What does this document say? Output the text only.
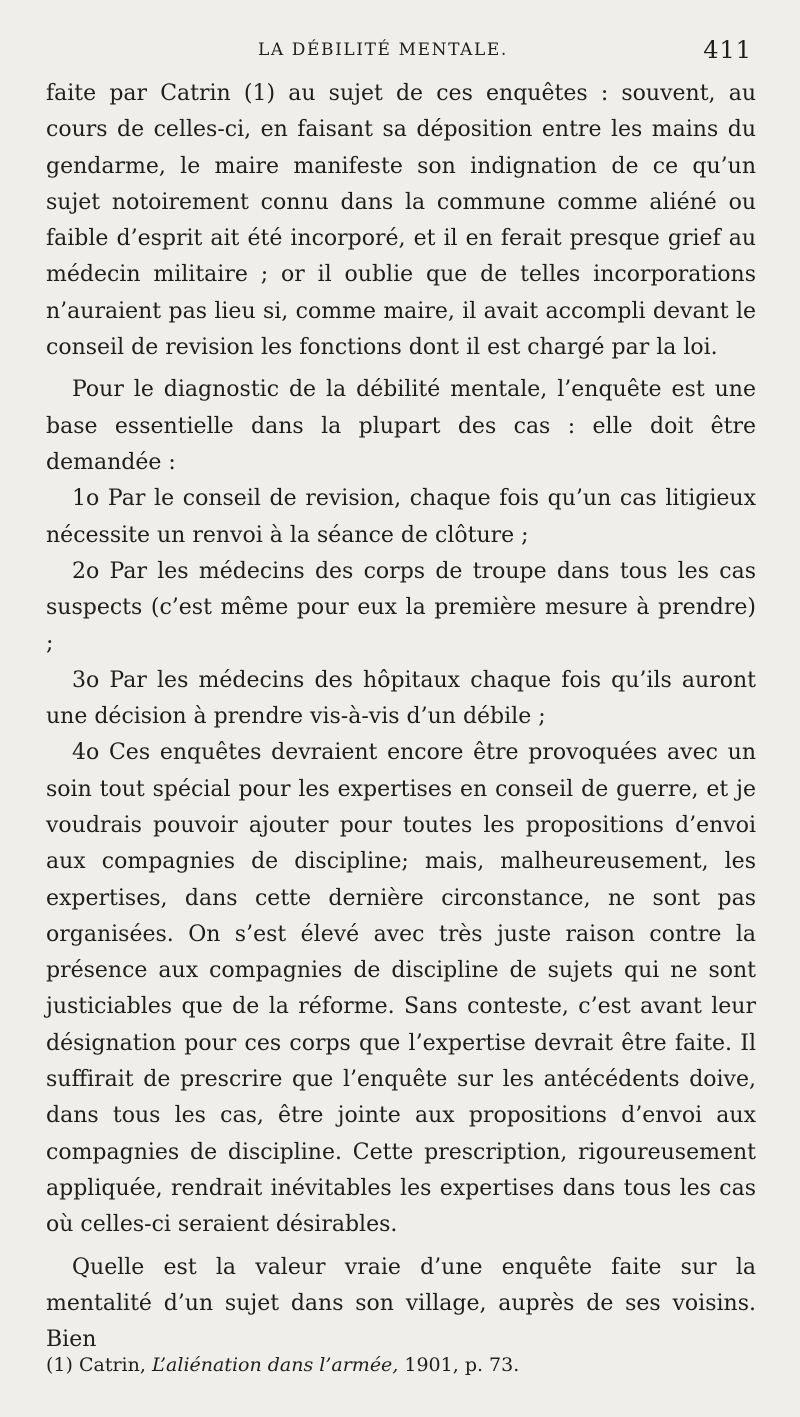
LA DÉBILITÉ MENTALE.	411

faite par Catrin (1) au sujet de ces enquêtes : souvent, au cours de celles-ci, en faisant sa déposition entre les mains du gendarme, le maire manifeste son indignation de ce qu’un sujet notoirement connu dans la commune comme aliéné ou faible d’esprit ait été incorporé, et il en ferait presque grief au médecin militaire ; or il oublie que de telles incorporations n’auraient pas lieu si, comme maire, il avait accompli devant le conseil de revision les fonctions dont il est chargé par la loi.

Pour le diagnostic de la débilité mentale, l’enquête est une base essentielle dans la plupart des cas : elle doit être demandée :

1o Par le conseil de revision, chaque fois qu’un cas litigieux nécessite un renvoi à la séance de clôture ;

2o Par les médecins des corps de troupe dans tous les cas suspects (c’est même pour eux la première mesure à prendre) ;

3o Par les médecins des hôpitaux chaque fois qu’ils auront une décision à prendre vis-à-vis d’un débile ;

4o Ces enquêtes devraient encore être provoquées avec un soin tout spécial pour les expertises en conseil de guerre, et je voudrais pouvoir ajouter pour toutes les propositions d’envoi aux compagnies de discipline; mais, malheureusement, les expertises, dans cette dernière circonstance, ne sont pas organisées. On s’est élevé avec très juste raison contre la présence aux compagnies de discipline de sujets qui ne sont justiciables que de la réforme. Sans conteste, c’est avant leur désignation pour ces corps que l’expertise devrait être faite. Il suffirait de prescrire que l’enquête sur les antécédents doive, dans tous les cas, être jointe aux propositions d’envoi aux compagnies de discipline. Cette prescription, rigoureusement appliquée, rendrait inévitables les expertises dans tous les cas où celles-ci seraient désirables.

Quelle est la valeur vraie d’une enquête faite sur la mentalité d’un sujet dans son village, auprès de ses voisins. Bien

(1) Catrin, L’aliénation dans l’armée, 1901, p. 73.
